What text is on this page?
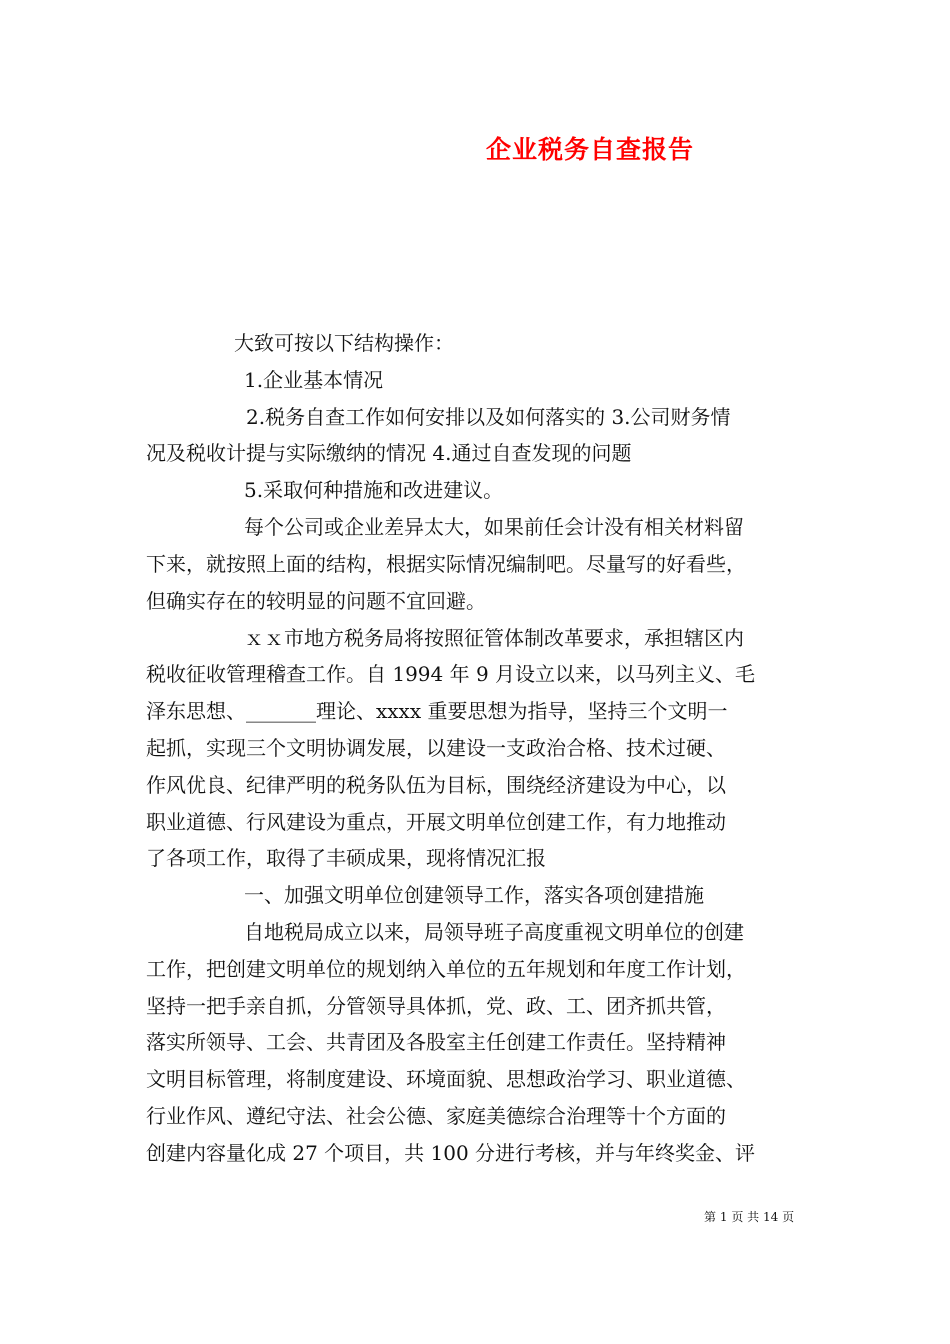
企业税务自查报告

大致可按以下结构操作：

1.企业基本情况

2.税务自查工作如何安排以及如何落实的 3.公司财务情

况及税收计提与实际缴纳的情况 4.通过自查发现的问题

5.采取何种措施和改进建议。

每个公司或企业差异太大，如果前任会计没有相关材料留

下来，就按照上面的结构，根据实际情况编制吧。尽量写的好看些，

但确实存在的较明显的问题不宜回避。

ｘｘ市地方税务局将按照征管体制改革要求，承担辖区内

税收征收管理稽查工作。自 1994 年 9 月设立以来，以马列主义、毛

泽东思想、_______理论、xxxx 重要思想为指导，坚持三个文明一

起抓，实现三个文明协调发展，以建设一支政治合格、技术过硬、

作风优良、纪律严明的税务队伍为目标，围绕经济建设为中心，以

职业道德、行风建设为重点，开展文明单位创建工作，有力地推动

了各项工作，取得了丰硕成果，现将情况汇报

一、加强文明单位创建领导工作，落实各项创建措施

自地税局成立以来，局领导班子高度重视文明单位的创建

工作，把创建文明单位的规划纳入单位的五年规划和年度工作计划，

坚持一把手亲自抓，分管领导具体抓，党、政、工、团齐抓共管，

落实所领导、工会、共青团及各股室主任创建工作责任。坚持精神

文明目标管理，将制度建设、环境面貌、思想政治学习、职业道德、

行业作风、遵纪守法、社会公德、家庭美德综合治理等十个方面的

创建内容量化成 27 个项目，共 100 分进行考核，并与年终奖金、评

第 1 页 共 14 页
